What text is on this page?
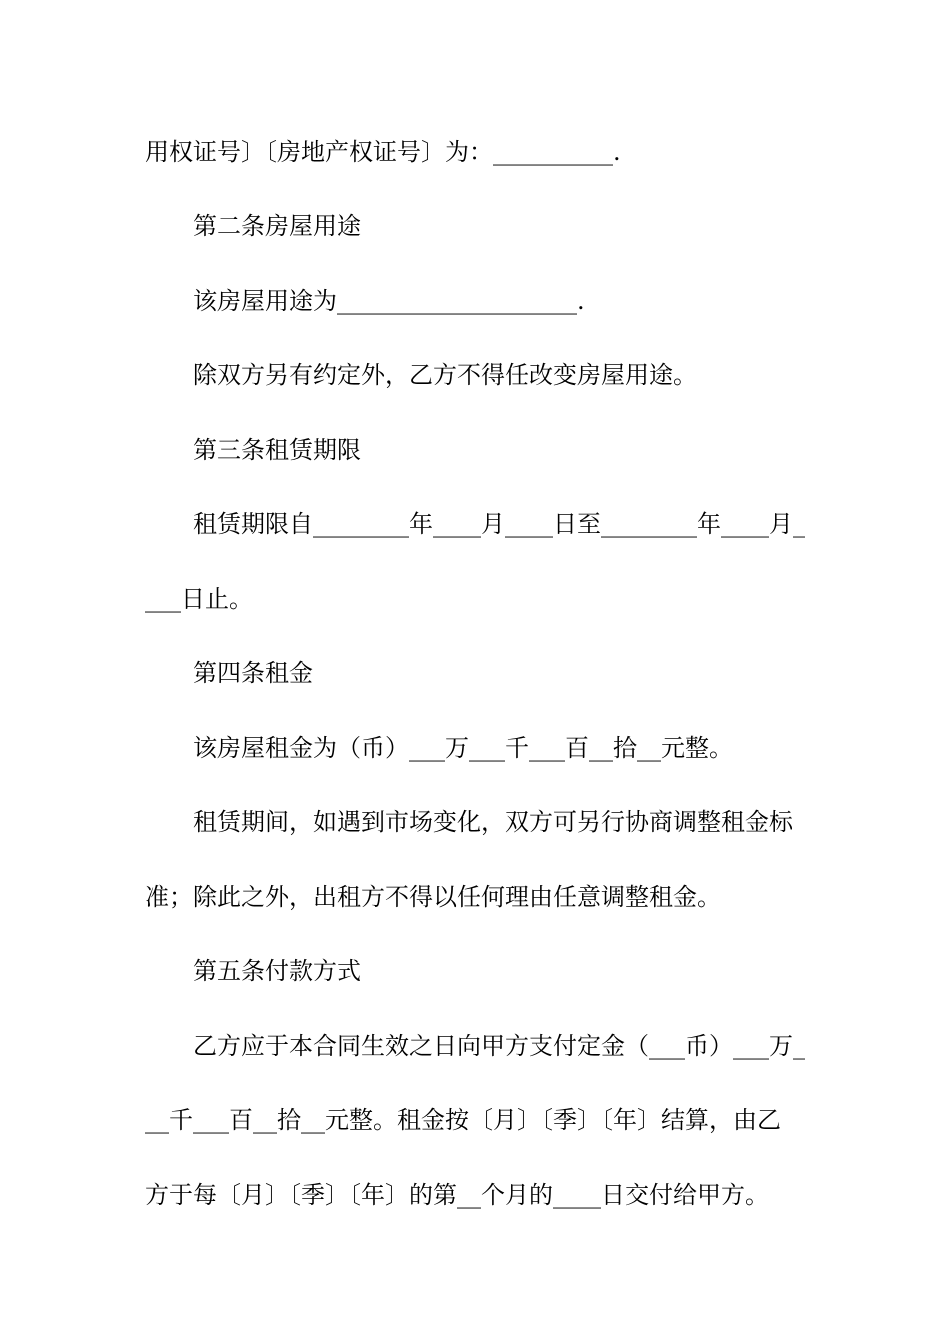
用权证号〕〔房地产权证号〕为：__________.
第二条房屋用途
该房屋用途为____________________.
除双方另有约定外，乙方不得任改变房屋用途。
第三条租赁期限
租赁期限自________年____月____日至________年____月_
___日止。
第四条租金
该房屋租金为（币）___万___千___百__拾__元整。
租赁期间，如遇到市场变化，双方可另行协商调整租金标
准；除此之外，出租方不得以任何理由任意调整租金。
第五条付款方式
乙方应于本合同生效之日向甲方支付定金（___币）___万_
__千___百__拾__元整。租金按〔月〕〔季〕〔年〕结算，由乙
方于每〔月〕〔季〕〔年〕的第__个月的____日交付给甲方。
